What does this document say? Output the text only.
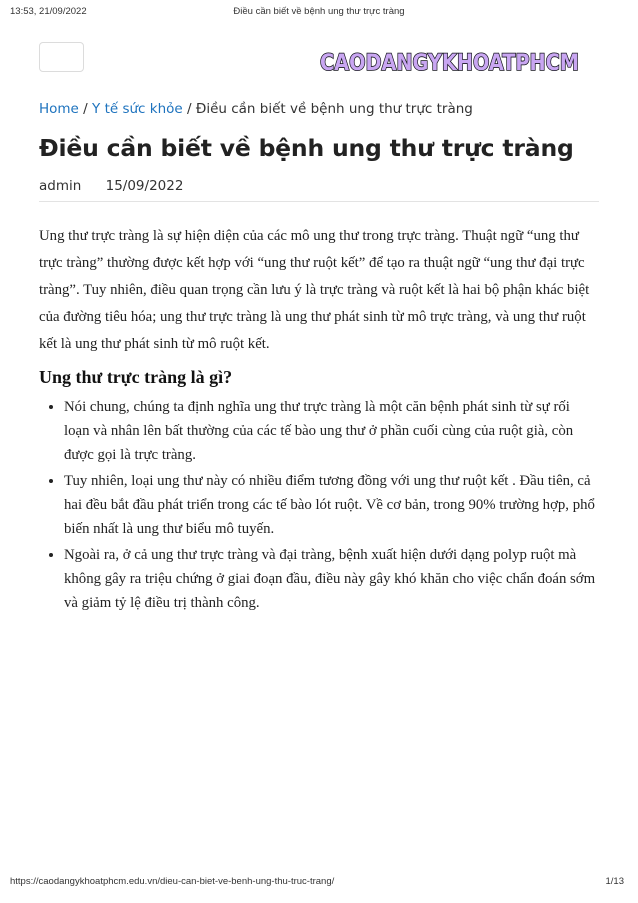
13:53, 21/09/2022	Điều cần biết về bệnh ung thư trực tràng
CAODANGYKHOATPHCM
Home / Y tế sức khỏe / Điều cần biết về bệnh ung thư trực tràng
Điều cần biết về bệnh ung thư trực tràng
admin 15/09/2022

Ung thư trực tràng là sự hiện diện của các mô ung thư trong trực tràng. Thuật ngữ “ung thư trực tràng” thường được kết hợp với “ung thư ruột kết” để tạo ra thuật ngữ “ung thư đại trực tràng”. Tuy nhiên, điều quan trọng cần lưu ý là trực tràng và ruột kết là hai bộ phận khác biệt của đường tiêu hóa; ung thư trực tràng là ung thư phát sinh từ mô trực tràng, và ung thư ruột kết là ung thư phát sinh từ mô ruột kết.

Ung thư trực tràng là gì?
• Nói chung, chúng ta định nghĩa ung thư trực tràng là một căn bệnh phát sinh từ sự rối loạn và nhân lên bất thường của các tế bào ung thư ở phần cuối cùng của ruột già, còn được gọi là trực tràng.
• Tuy nhiên, loại ung thư này có nhiều điểm tương đồng với ung thư ruột kết . Đầu tiên, cả hai đều bắt đầu phát triển trong các tế bào lót ruột. Về cơ bản, trong 90% trường hợp, phổ biến nhất là ung thư biểu mô tuyến.
• Ngoài ra, ở cả ung thư trực tràng và đại tràng, bệnh xuất hiện dưới dạng polyp ruột mà không gây ra triệu chứng ở giai đoạn đầu, điều này gây khó khăn cho việc chẩn đoán sớm và giảm tỷ lệ điều trị thành công.
https://caodangykhoatphcm.edu.vn/dieu-can-biet-ve-benh-ung-thu-truc-trang/	1/13
